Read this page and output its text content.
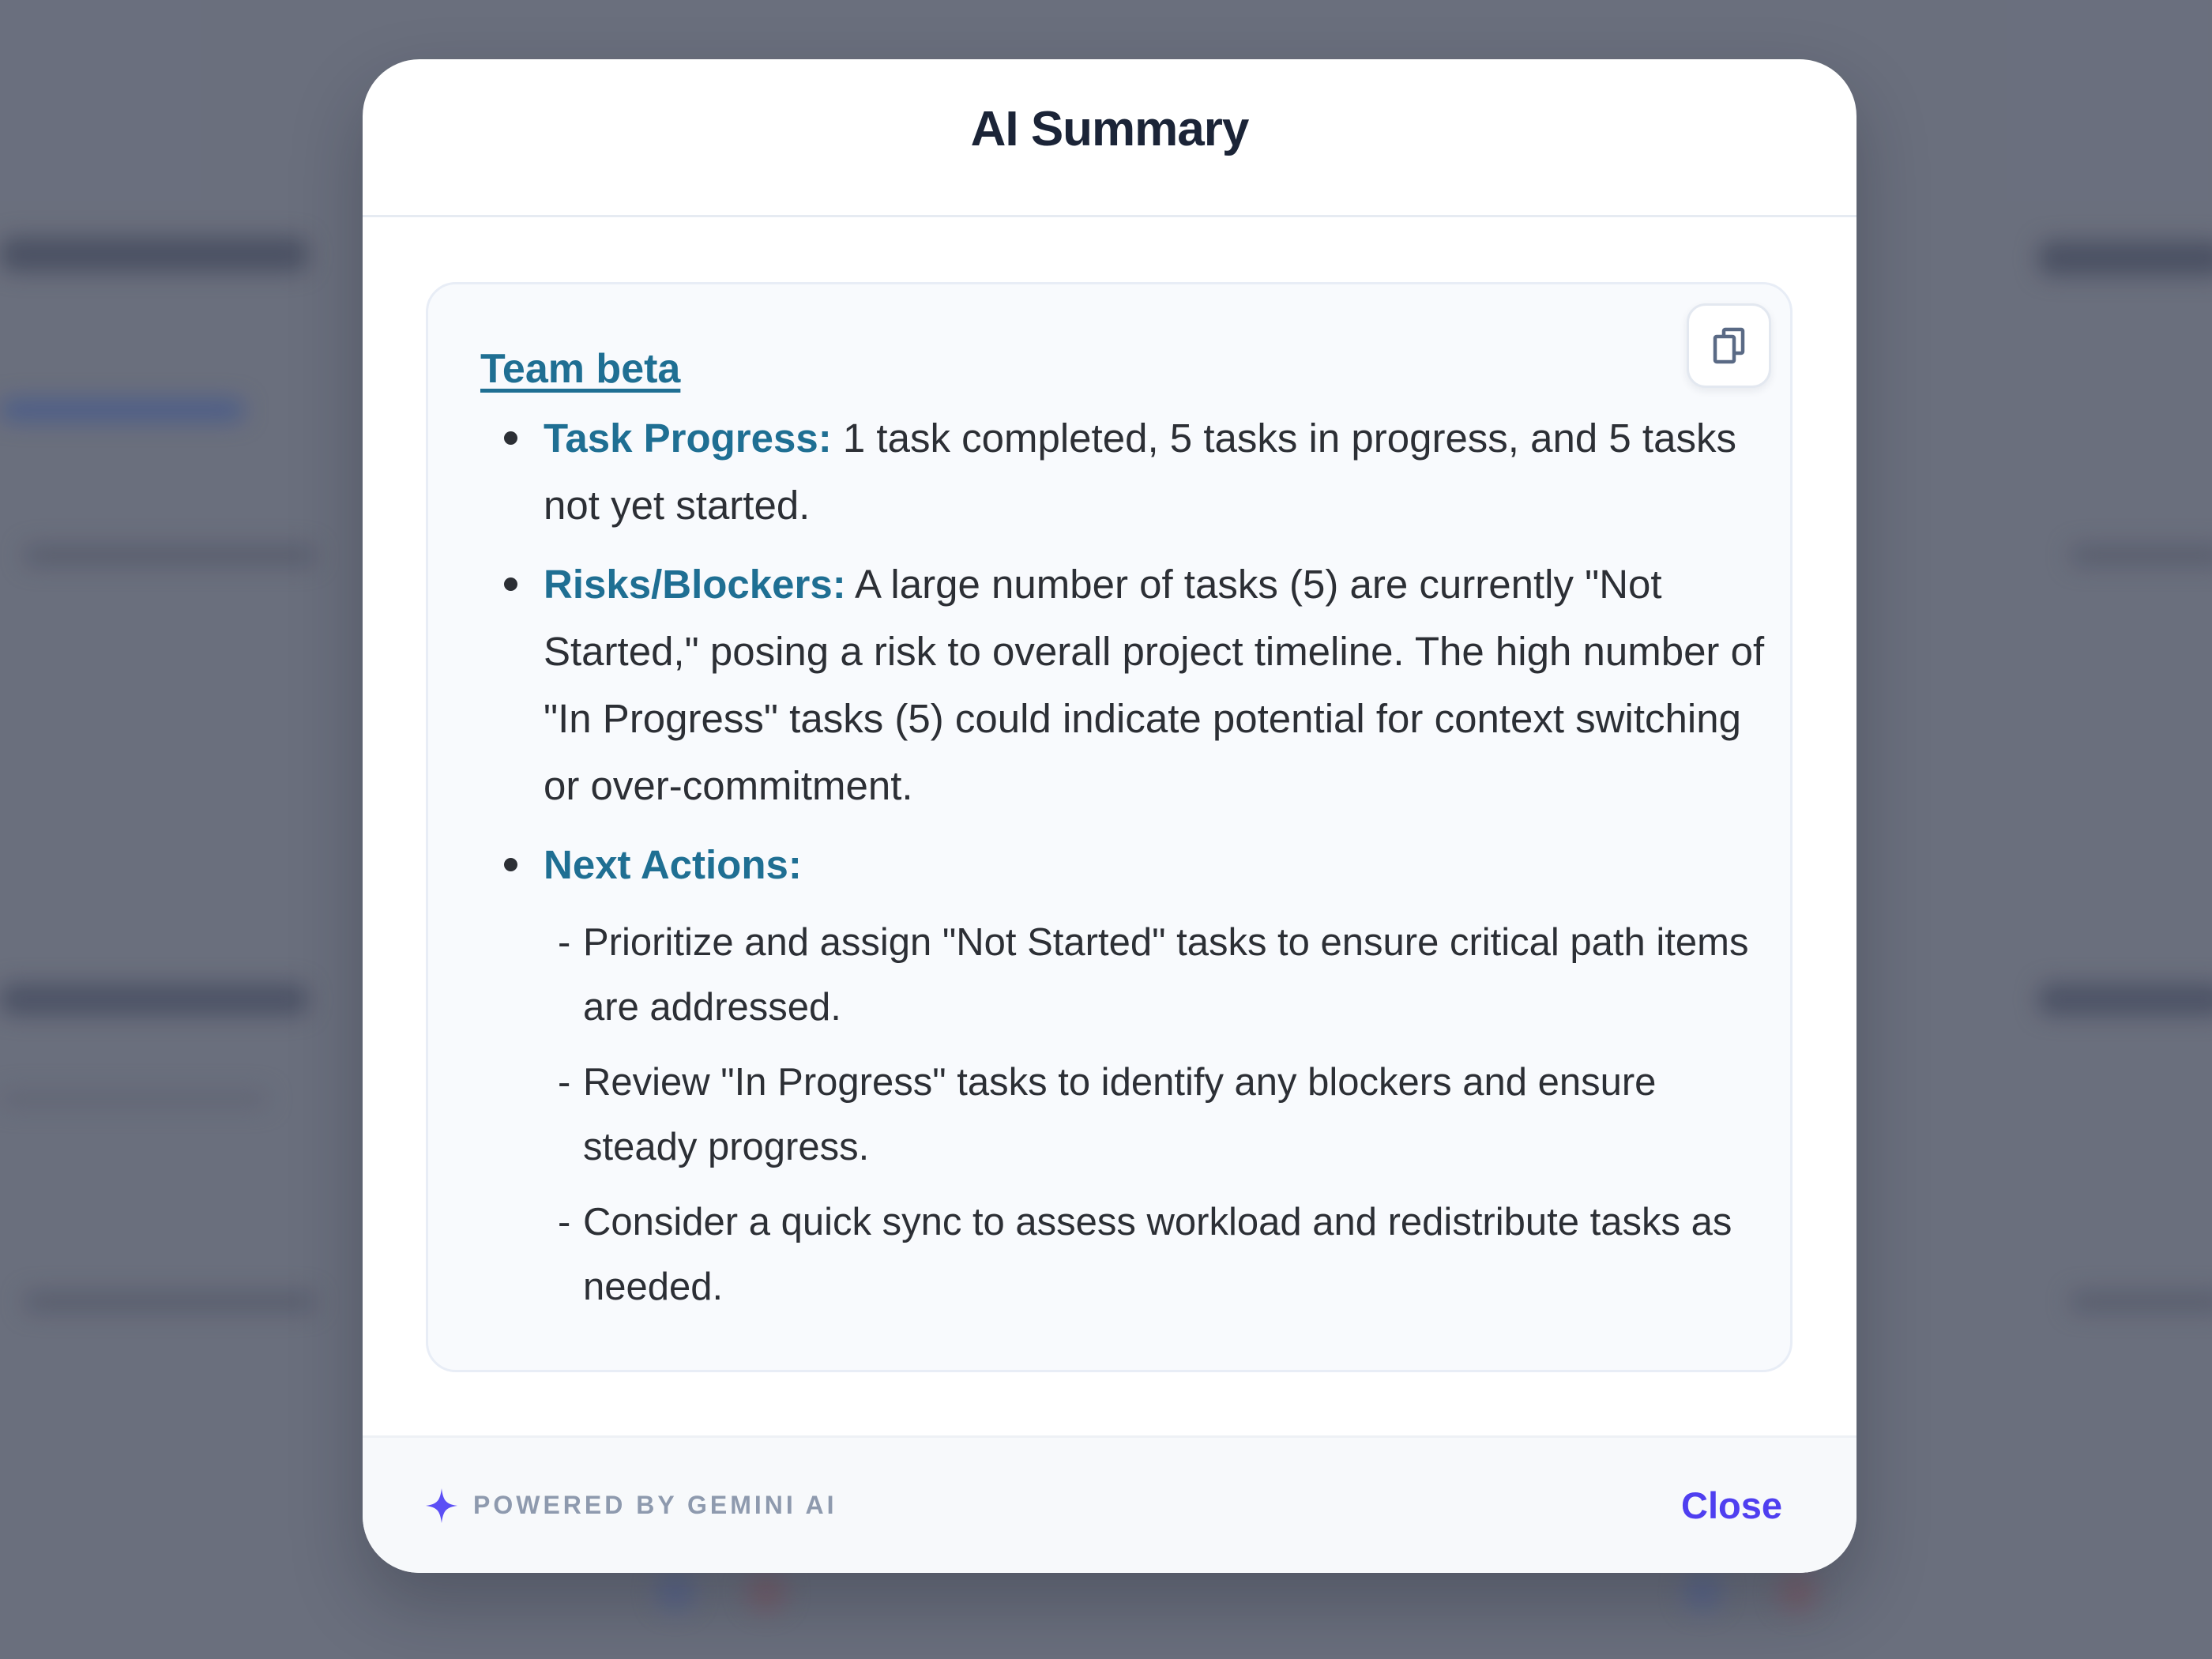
AI Summary
Team beta
Task Progress: 1 task completed, 5 tasks in progress, and 5 tasks not yet started.
Risks/Blockers: A large number of tasks (5) are currently "Not Started," posing a risk to overall project timeline. The high number of "In Progress" tasks (5) could indicate potential for context switching or over-commitment.
Next Actions:
- Prioritize and assign "Not Started" tasks to ensure critical path items are addressed.
- Review "In Progress" tasks to identify any blockers and ensure steady progress.
- Consider a quick sync to assess workload and redistribute tasks as needed.
POWERED BY GEMINI AI	Close
